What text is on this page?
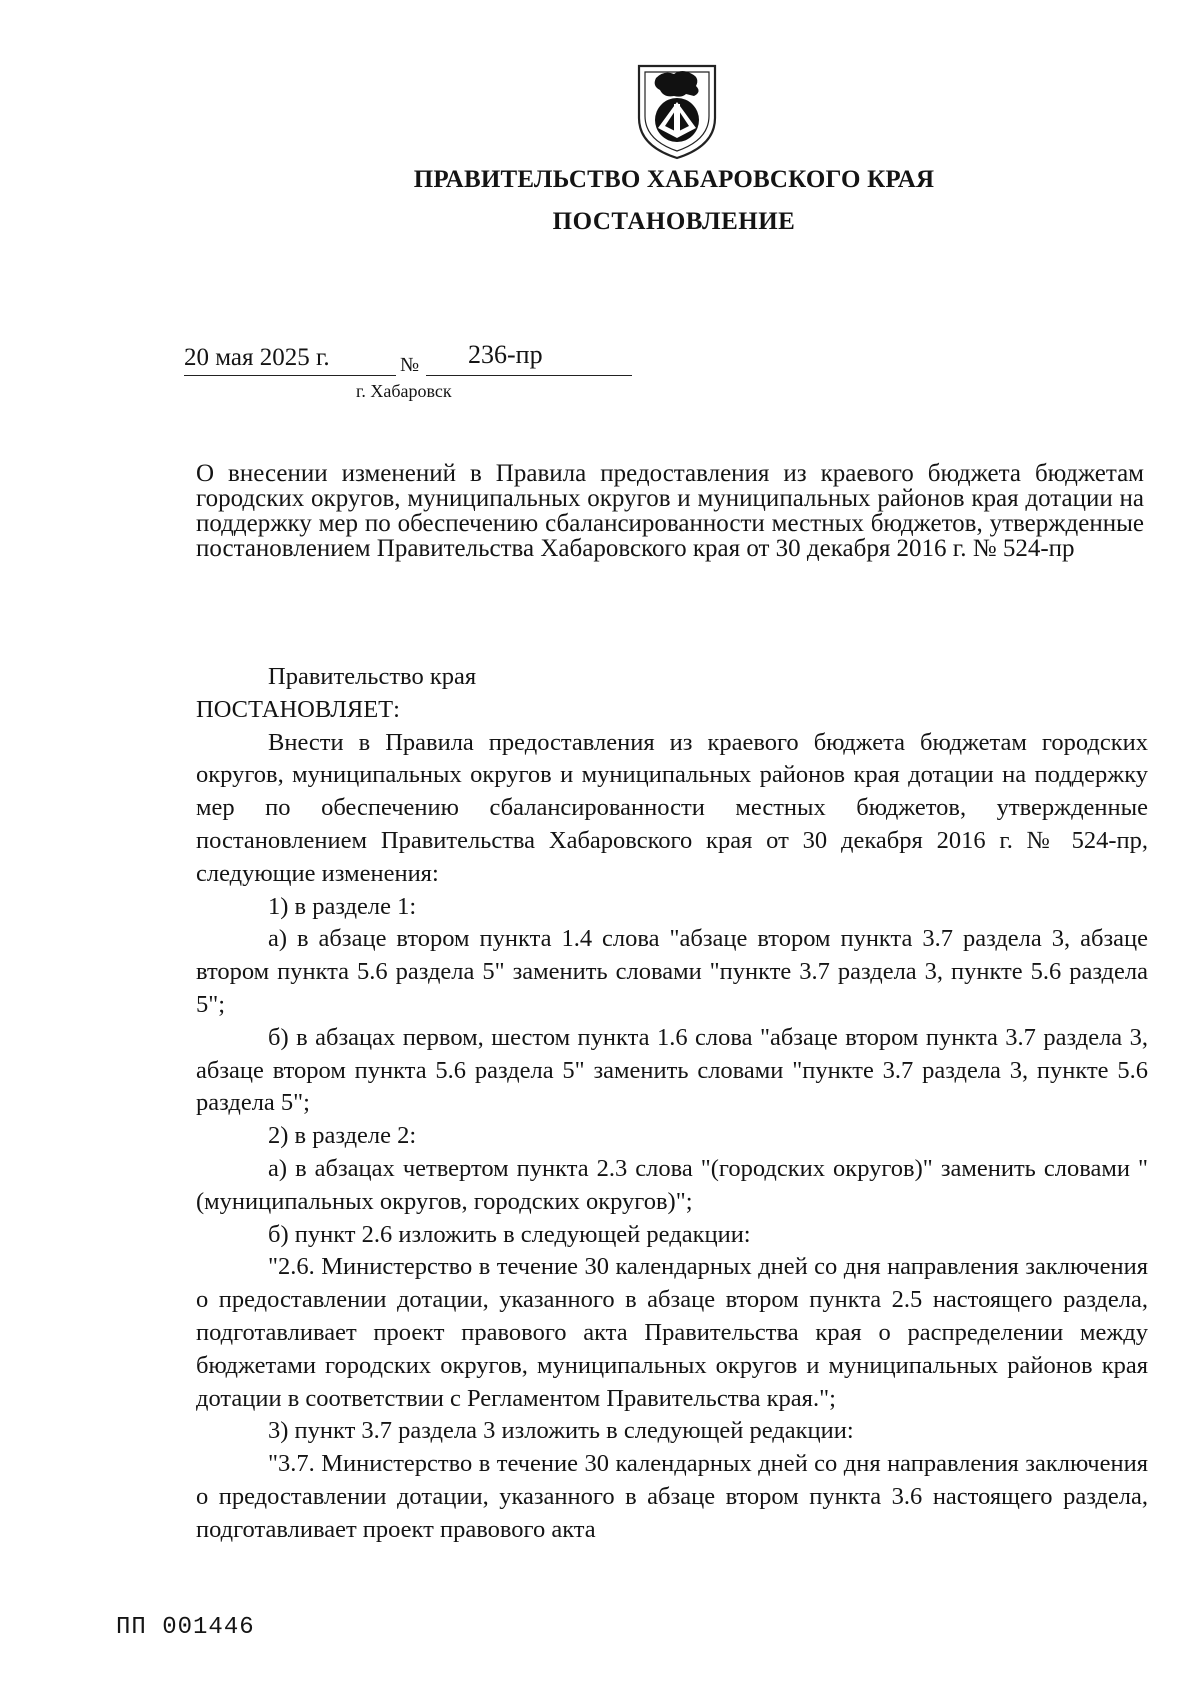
ПРАВИТЕЛЬСТВО ХАБАРОВСКОГО КРАЯ
ПОСТАНОВЛЕНИЕ
20 мая 2025 г.	№ 236-пр
г. Хабаровск

О внесении изменений в Правила предоставления из краевого бюджета бюджетам городских округов, муниципальных округов и муниципальных районов края дотации на поддержку мер по обеспечению сбалансированности местных бюджетов, утвержденные постановлением Правительства Хабаровского края от 30 декабря 2016 г. № 524-пр

Правительство края

ПОСТАНОВЛЯЕТ:

Внести в Правила предоставления из краевого бюджета бюджетам городских округов, муниципальных округов и муниципальных районов края дотации на поддержку мер по обеспечению сбалансированности местных бюджетов, утвержденные постановлением Правительства Хабаровского края от 30 декабря 2016 г. № 524-пр, следующие изменения:

1) в разделе 1:

а) в абзаце втором пункта 1.4 слова "абзаце втором пункта 3.7 раздела 3, абзаце втором пункта 5.6 раздела 5" заменить словами "пункте 3.7 раздела 3, пункте 5.6 раздела 5";

б) в абзацах первом, шестом пункта 1.6 слова "абзаце втором пункта 3.7 раздела 3, абзаце втором пункта 5.6 раздела 5" заменить словами "пункте 3.7 раздела 3, пункте 5.6 раздела 5";

2) в разделе 2:

а) в абзацах четвертом пункта 2.3 слова "(городских округов)" заменить словами "(муниципальных округов, городских округов)";

б) пункт 2.6 изложить в следующей редакции:

"2.6. Министерство в течение 30 календарных дней со дня направления заключения о предоставлении дотации, указанного в абзаце втором пункта 2.5 настоящего раздела, подготавливает проект правового акта Правительства края о распределении между бюджетами городских округов, муниципальных округов и муниципальных районов края дотации в соответствии с Регламентом Правительства края.";

3) пункт 3.7 раздела 3 изложить в следующей редакции:

"3.7. Министерство в течение 30 календарных дней со дня направления заключения о предоставлении дотации, указанного в абзаце втором пункта 3.6 настоящего раздела, подготавливает проект правового акта

ПП 001446
